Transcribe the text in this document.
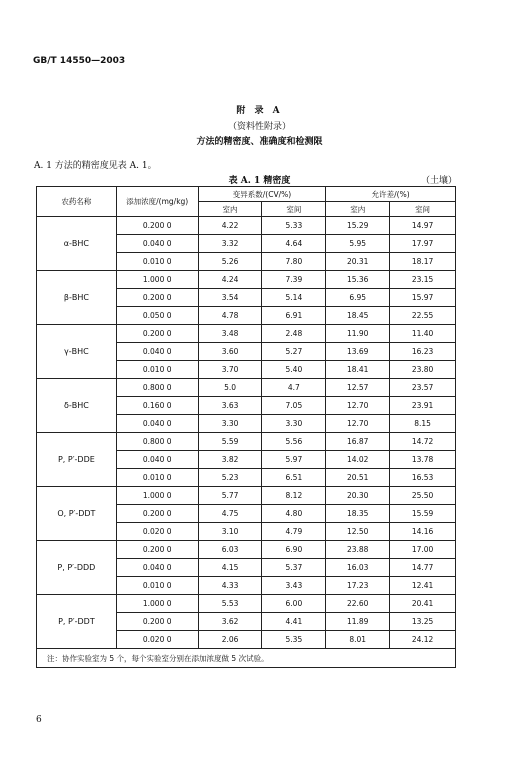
GB/T 14550—2003
附 录 A
（资料性附录）
方法的精密度、准确度和检测限
A. 1 方法的精密度见表 A. 1。
表 A. 1 精密度	（土壤）
农药名称	添加浓度/(mg/kg)	变异系数/(CV/%)		允许差/(%)	
		室内	室间	室内	室间
α-BHC	0.200 0	4.22	5.33	15.29	14.97
	0.040 0	3.32	4.64	5.95	17.97
	0.010 0	5.26	7.80	20.31	18.17
β-BHC	1.000 0	4.24	7.39	15.36	23.15
	0.200 0	3.54	5.14	6.95	15.97
	0.050 0	4.78	6.91	18.45	22.55
γ-BHC	0.200 0	3.48	2.48	11.90	11.40
	0.040 0	3.60	5.27	13.69	16.23
	0.010 0	3.70	5.40	18.41	23.80
δ-BHC	0.800 0	5.0	4.7	12.57	23.57
	0.160 0	3.63	7.05	12.70	23.91
	0.040 0	3.30	3.30	12.70	8.15
P, P′-DDE	0.800 0	5.59	5.56	16.87	14.72
	0.040 0	3.82	5.97	14.02	13.78
	0.010 0	5.23	6.51	20.51	16.53
O, P′-DDT	1.000 0	5.77	8.12	20.30	25.50
	0.200 0	4.75	4.80	18.35	15.59
	0.020 0	3.10	4.79	12.50	14.16
P, P′-DDD	0.200 0	6.03	6.90	23.88	17.00
	0.040 0	4.15	5.37	16.03	14.77
	0.010 0	4.33	3.43	17.23	12.41
P, P′-DDT	1.000 0	5.53	6.00	22.60	20.41
	0.200 0	3.62	4.41	11.89	13.25
	0.020 0	2.06	5.35	8.01	24.12
注：协作实验室为 5 个，每个实验室分别在添加浓度做 5 次试验。					
6
